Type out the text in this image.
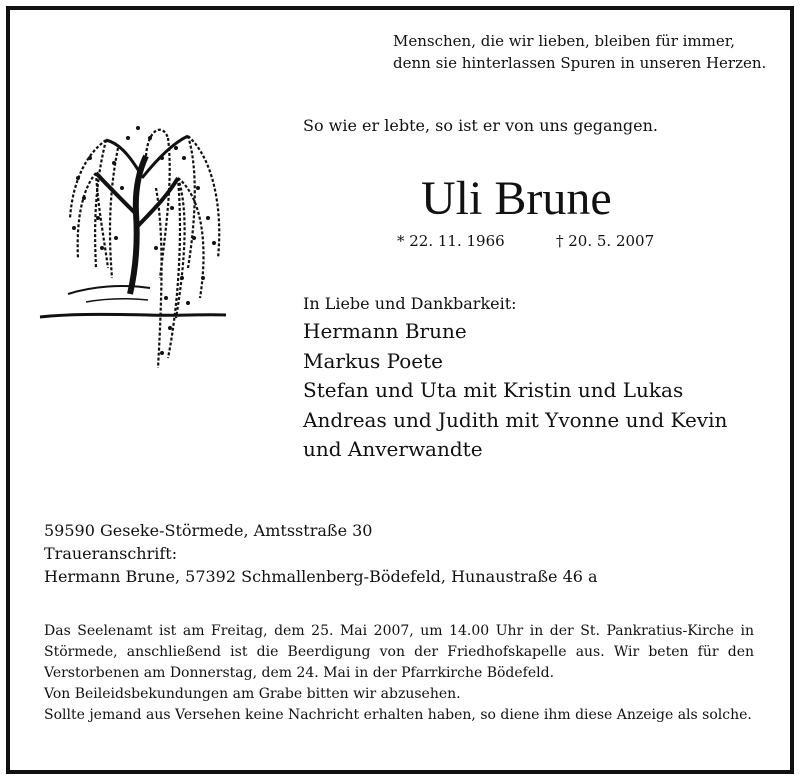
Menschen, die wir lieben, bleiben für immer,
denn sie hinterlassen Spuren in unseren Herzen.
So wie er lebte, so ist er von uns gegangen.
Uli Brune
* 22. 11. 1966	† 20. 5. 2007
In Liebe und Dankbarkeit:
Hermann Brune
Markus Poete
Stefan und Uta mit Kristin und Lukas
Andreas und Judith mit Yvonne und Kevin
und Anverwandte
59590 Geseke-Störmede, Amtsstraße 30
Traueranschrift:
Hermann Brune, 57392 Schmallenberg-Bödefeld, Hunaustraße 46 a

Das Seelenamt ist am Freitag, dem 25. Mai 2007, um 14.00 Uhr in der St. Pankratius-Kirche in Störmede, anschließend ist die Beerdigung von der Friedhofskapelle aus. Wir beten für den Verstorbenen am Donnerstag, dem 24. Mai in der Pfarrkirche Bödefeld.

Von Beileidsbekundungen am Grabe bitten wir abzusehen.

Sollte jemand aus Versehen keine Nachricht erhalten haben, so diene ihm diese Anzeige als solche.
